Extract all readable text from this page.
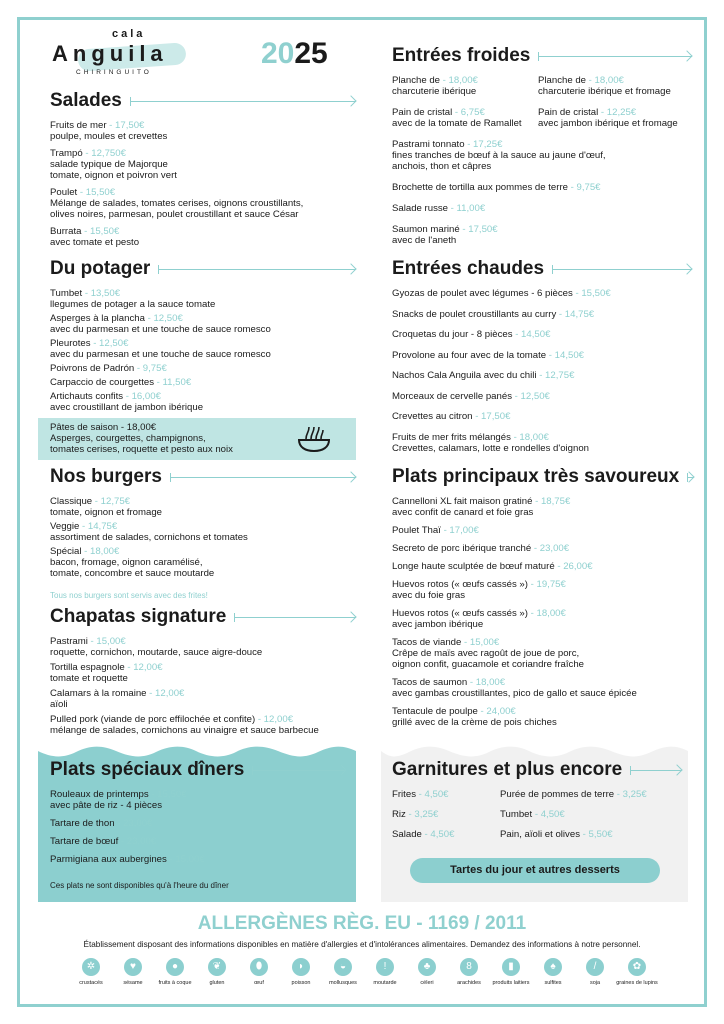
cala
Anguila
CHIRINGUITO
2025
Salades
Fruits de mer - 17,50€
poulpe, moules et crevettes
Trampó - 12,750€
salade typique de Majorque
tomate, oignon et poivron vert
Poulet - 15,50€
Mélange de salades, tomates cerises, oignons croustillants,
olives noires, parmesan, poulet croustillant et sauce César
Burrata - 15,50€
avec tomate et pesto
Du potager
Tumbet - 13,50€
llegumes de potager a la sauce tomate
Asperges à la plancha - 12,50€
avec du parmesan et une touche de sauce romesco
Pleurotes - 12,50€
avec du parmesan et une touche de sauce romesco
Poivrons de Padrón - 9,75€
Carpaccio de courgettes - 11,50€
Artichauts confits - 16,00€
avec croustillant de jambon ibérique
Pâtes de saison - 18,00€
Asperges, courgettes, champignons,
tomates cerises, roquette et pesto aux noix
Nos burgers
Classique - 12,75€
tomate, oignon et fromage
Veggie - 14,75€
assortiment de salades, cornichons et tomates
Spécial - 18,00€
bacon, fromage, oignon caramélisé,
tomate, concombre et sauce moutarde
Tous nos burgers sont servis avec des frites!
Chapatas signature
Pastrami - 15,00€
roquette, cornichon, moutarde, sauce aigre-douce
Tortilla espagnole - 12,00€
tomate et roquette
Calamars à la romaine - 12,00€
aïoli
Pulled pork (viande de porc effilochée et confite) - 12,00€
mélange de salades, cornichons au vinaigre et sauce barbecue
Entrées froides
Planche de - 18,00€
charcuterie ibérique
Planche de - 18,00€
charcuterie ibérique et fromage
Pain de cristal - 6,75€
avec de la tomate de Ramallet
Pain de cristal - 12,25€
avec jambon ibérique et fromage
Pastrami tonnato - 17,25€
fines tranches de bœuf à la sauce au jaune d'œuf,
anchois, thon et câpres
Brochette de tortilla aux pommes de terre - 9,75€
Salade russe - 11,00€
Saumon mariné - 17,50€
avec de l'aneth
Entrées chaudes
Gyozas de poulet avec légumes - 6 pièces - 15,50€
Snacks de poulet croustillants au curry - 14,75€
Croquetas du jour - 8 pièces - 14,50€
Provolone au four avec de la tomate - 14,50€
Nachos Cala Anguila avec du chili - 12,75€
Morceaux de cervelle panés - 12,50€
Crevettes au citron - 17,50€
Fruits de mer frits mélangés - 18,00€
Crevettes, calamars, lotte e rondelles d'oignon
Plats principaux très savoureux
Cannelloni XL fait maison gratiné - 18,75€
avec confit de canard et foie gras
Poulet Thaï - 17,00€
Secreto de porc ibérique tranché - 23,00€
Longe haute sculptée de bœuf maturé - 26,00€
Huevos rotos (« œufs cassés ») - 19,75€
avec du foie gras
Huevos rotos (« œufs cassés ») - 18,00€
avec jambon ibérique
Tacos de viande - 15,00€
Crêpe de maïs avec ragoût de joue de porc,
oignon confit, guacamole et coriandre fraîche
Tacos de saumon - 18,00€
avec gambas croustillantes, pico de gallo et sauce épicée
Tentacule de poulpe - 24,00€
grillé avec de la crème de pois chiches
Plats spéciaux dîners
Rouleaux de printemps - 15,50€
avec pâte de riz - 4 pièces
Tartare de thon - 23,00€
Tartare de bœuf - 23,00€
Parmigiana aux aubergines - 15,00€
Ces plats ne sont disponibles qu'à l'heure du dîner
Garnitures et plus encore
Frites - 4,50€	Purée de pommes de terre - 3,25€
Riz - 3,25€	Tumbet - 4,50€
Salade - 4,50€	Pain, aïoli et olives - 5,50€
Tartes du jour et autres desserts
ALLERGÈNES RÈG. EU - 1169 / 2011
Établissement disposant des informations disponibles en matière d'allergies et d'intolérances alimentaires. Demandez des informations à notre personnel.
✲
crustacés
♥
sésame
●
fruits à coque
❦
gluten
⬮
œuf
◗
poisson
◒
mollusques
!
moutarde
♣
céleri
8
arachides
▮
produits laitiers
♠
sulfites
/
soja
✿
graines de lupins
